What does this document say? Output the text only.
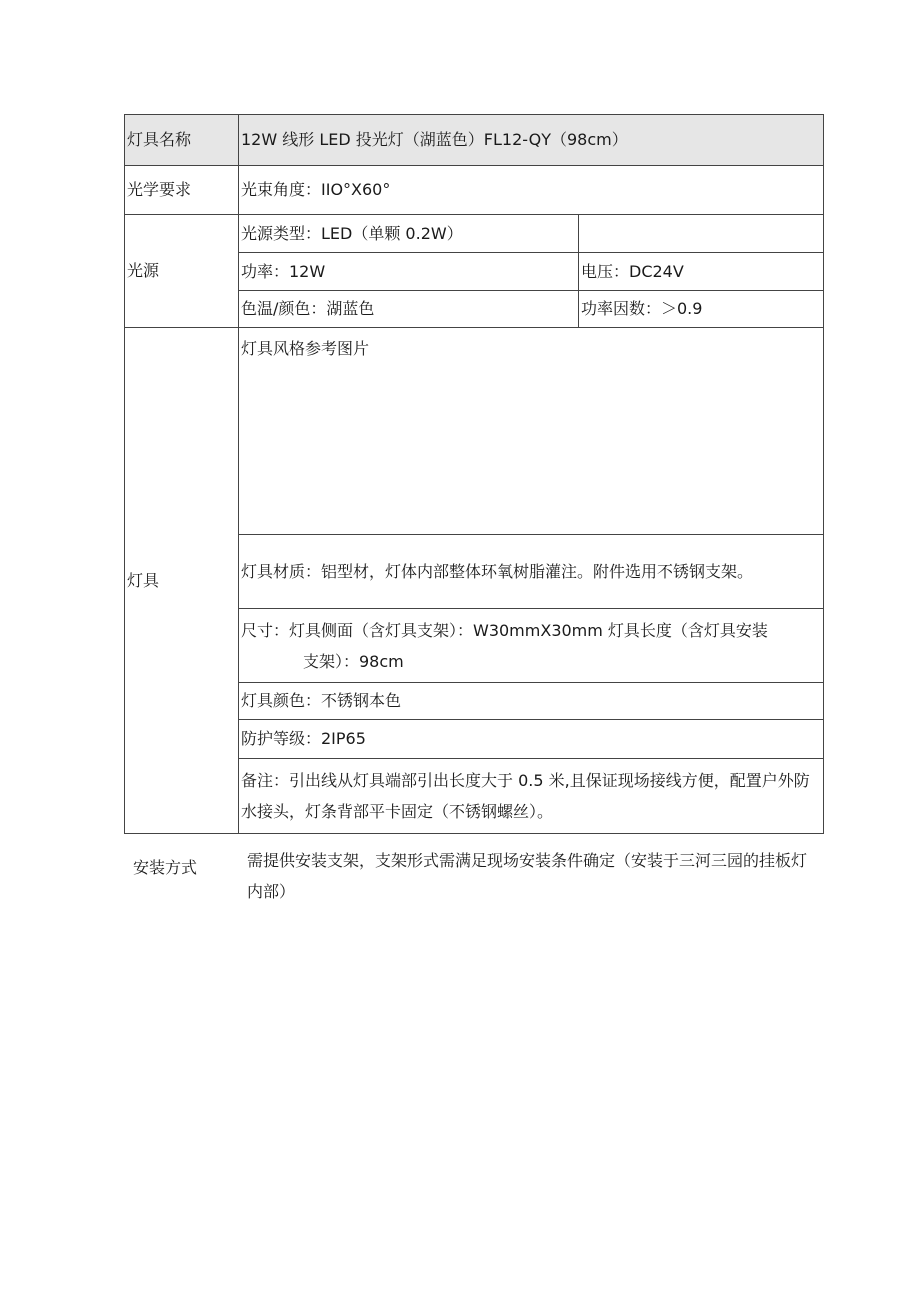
灯具名称	12W 线形 LED 投光灯（湖蓝色）FL12-QY（98cm）	
光学要求	光束角度：IIO°X60°	
光源	光源类型：LED（单颗 0.2W）	
	功率：12W	电压：DC24V
	色温/颜色：湖蓝色	功率因数：＞0.9
灯具	灯具风格参考图片	
	灯具材质：铝型材，灯体内部整体环氧树脂灌注。附件选用不锈钢支架。	
	尺寸：灯具侧面（含灯具支架）：W30mmX30mm 灯具长度（含灯具安装
支架）：98cm	
	灯具颜色：不锈钢本色	
	防护等级：2IP65	
	备注：引出线从灯具端部引出长度大于 0.5 米,且保证现场接线方便，配置户外防水接头，灯条背部平卡固定（不锈钢螺丝）。	
安装方式	需提供安装支架，支架形式需满足现场安装条件确定（安装于三河三园的挂板灯内部）
